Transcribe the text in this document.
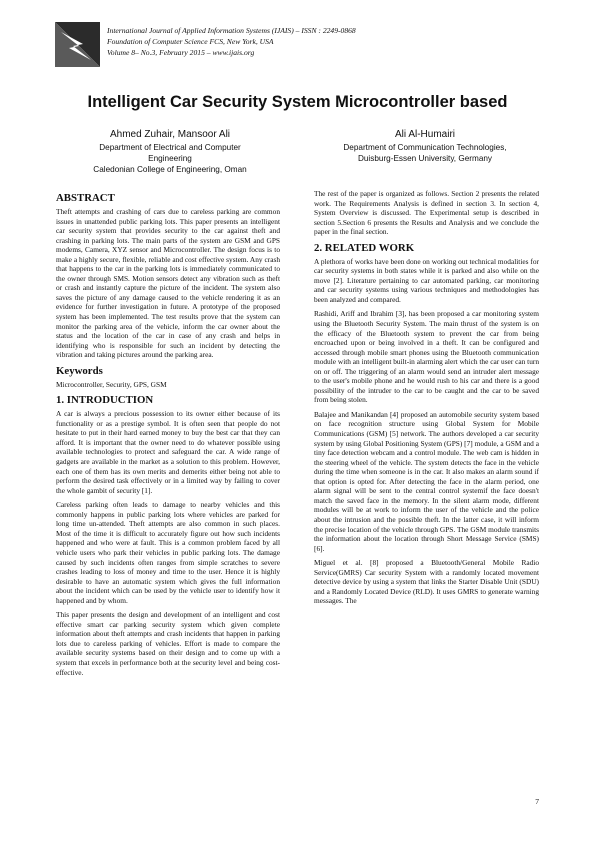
International Journal of Applied Information Systems (IJAIS) – ISSN : 2249-0868
Foundation of Computer Science FCS, New York, USA
Volume 8– No.3, February 2015 – www.ijais.org
Intelligent Car Security System Microcontroller based
Ahmed Zuhair, Mansoor Ali
Department of Electrical and Computer Engineering
Caledonian College of Engineering, Oman
Ali Al-Humairi
Department of Communication Technologies,
Duisburg-Essen University, Germany
ABSTRACT

Theft attempts and crashing of cars due to careless parking are common issues in unattended public parking lots. This paper presents an intelligent car security system that provides security to the car against theft and crashing in parking lots. The main parts of the system are GSM and GPS modems, Camera, XYZ sensor and Microcontroller. The design focus is to make a highly secure, flexible, reliable and cost effective system. Any crash that happens to the car in the parking lots is immediately communicated to the owner through SMS. Motion sensors detect any vibration such as theft or crash and instantly capture the picture of the incident. The system also saves the picture of any damage caused to the vehicle rendering it as an evidence for further investigation in future. A prototype of the proposed system has been implemented. The test results prove that the system can monitor the parking area of the vehicle, inform the car owner about the status and the location of the car in case of any crash and helps in identifying who is responsible for such an incident by detecting the vibration and taking pictures around the parking area.

Keywords

Microcontroller, Security, GPS, GSM

1. INTRODUCTION

A car is always a precious possession to its owner either because of its functionality or as a prestige symbol. It is often seen that people do not hesitate to put in their hard earned money to buy the best car that they can afford. It is important that the owner need to do whatever possible using available technologies to protect and safeguard the car. A wide range of gadgets are available in the market as a solution to this problem. However, each one of them has its own merits and demerits either being not able to perform the desired task effectively or in a limited way by failing to cover the whole gambit of security [1].

Careless parking often leads to damage to nearby vehicles and this commonly happens in public parking lots where vehicles are parked for long time un-attended. Theft attempts are also common in such places. Most of the time it is difficult to accurately figure out how such incidents happened and who were at fault. This is a common problem faced by all vehicle users who park their vehicles in public parking lots. The damage caused by such incidents often ranges from simple scratches to severe crashes leading to loss of money and time to the user. Hence it is highly desirable to have an automatic system which gives the full information about the incident which can be used by the vehicle user to identify how it happened and by whom.

This paper presents the design and development of an intelligent and cost effective smart car parking security system which given complete information about theft attempts and crash incidents that happen in parking lots due to careless parking of vehicles. Effort is made to compare the available security systems based on their design and to come up with a system that excels in performance both at the security level and being cost-effective.

The rest of the paper is organized as follows. Section 2 presents the related work. The Requirements Analysis is defined in section 3. In section 4, System Overview is discussed. The Experimental setup is described in section 5.Section 6 presents the Results and Analysis and we conclude the paper in the final section.

2. RELATED WORK

A plethora of works have been done on working out technical modalities for car security systems in both states while it is parked and also while on the move [2]. Literature pertaining to car automated parking, car monitoring and car security systems using various techniques and methodologies has been analyzed and compared.

Rashidi, Ariff and Ibrahim [3], has been proposed a car monitoring system using the Bluetooth Security System. The main thrust of the system is on the efficacy of the Bluetooth system to prevent the car from being encroached upon or being involved in a theft. It can be configured and accessed through mobile smart phones using the Bluetooth communication module with an intelligent built-in alarming alert which the car user can turn on or off. The triggering of an alarm would send an intruder alert message to the user's mobile phone and he would rush to his car and there is a good possibility of the intruder to the car to be caught and the car to be saved from being stolen.

Balajee and Manikandan [4] proposed an automobile security system based on face recognition structure using Global System for Mobile Communications (GSM) [5] network. The authors developed a car security system by using Global Positioning System (GPS) [7] module, a GSM and a tiny face detection webcam and a control module. The web cam is hidden in the steering wheel of the vehicle. The system detects the face in the vehicle during the time when someone is in the car. It also makes an alarm sound if that option is opted for. After detecting the face in the alarm period, one alarm signal will be sent to the central control systemif the face doesn't match the saved face in the memory. In the silent alarm mode, different modules will be at work to inform the user of the vehicle and the police about the intrusion and the possible theft. In the latter case, it will inform the precise location of the vehicle through GPS. The GSM module transmits the information about the location through Short Message Service (SMS) [6].

Miguel et al. [8] proposed a Bluetooth/General Mobile Radio Service(GMRS) Car security System with a randomly located movement detective device by using a system that links the Starter Disable Unit (SDU) and a Randomly Located Device (RLD). It uses GMRS to generate warning messages. The

7
